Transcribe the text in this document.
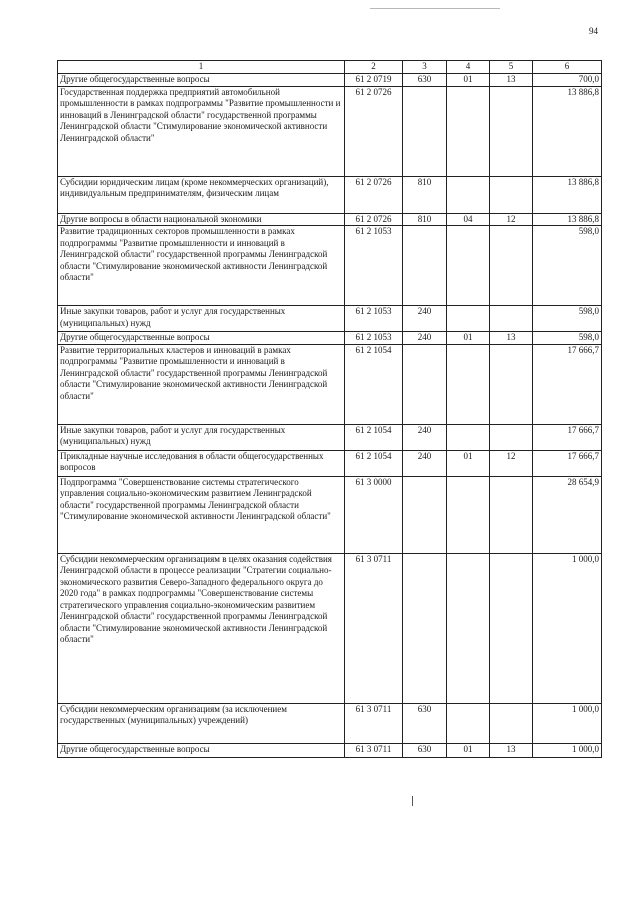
94
1	2	3	4	5	6
Другие общегосударственные вопросы	61 2 0719	630	01	13	700,0
Государственная поддержка предприятий автомобильной промышленности в рамках подпрограммы "Развитие промышленности и инноваций в Ленинградской области" государственной программы Ленинградской области "Стимулирование экономической активности Ленинградской области"	61 2 0726				13 886,8
Субсидии юридическим лицам (кроме некоммерческих организаций), индивидуальным предпринимателям, физическим лицам	61 2 0726	810			13 886,8
Другие вопросы в области национальной экономики	61 2 0726	810	04	12	13 886,8
Развитие традиционных секторов промышленности в рамках подпрограммы "Развитие промышленности и инноваций в Ленинградской области" государственной программы Ленинградской области "Стимулирование экономической активности Ленинградской области"	61 2 1053				598,0
Иные закупки товаров, работ и услуг для государственных (муниципальных) нужд	61 2 1053	240			598,0
Другие общегосударственные вопросы	61 2 1053	240	01	13	598,0
Развитие территориальных кластеров и инноваций в рамках подпрограммы "Развитие промышленности и инноваций в Ленинградской области" государственной программы Ленинградской области "Стимулирование экономической активности Ленинградской области"	61 2 1054				17 666,7
Иные закупки товаров, работ и услуг для государственных (муниципальных) нужд	61 2 1054	240			17 666,7
Прикладные научные исследования в области общегосударственных вопросов	61 2 1054	240	01	12	17 666,7
Подпрограмма "Совершенствование системы стратегического управления социально-экономическим развитием Ленинградской области" государственной программы Ленинградской области "Стимулирование экономической активности Ленинградской области"	61 3 0000				28 654,9
Субсидии некоммерческим организациям в целях оказания содействия Ленинградской области в процессе реализации "Стратегии социально-экономического развития Северо-Западного федерального округа до 2020 года" в рамках подпрограммы "Совершенствование системы стратегического управления социально-экономическим развитием Ленинградской области" государственной программы Ленинградской области "Стимулирование экономической активности Ленинградской области"	61 3 0711				1 000,0
Субсидии некоммерческим организациям (за исключением государственных (муниципальных) учреждений)	61 3 0711	630			1 000,0
Другие общегосударственные вопросы	61 3 0711	630	01	13	1 000,0
